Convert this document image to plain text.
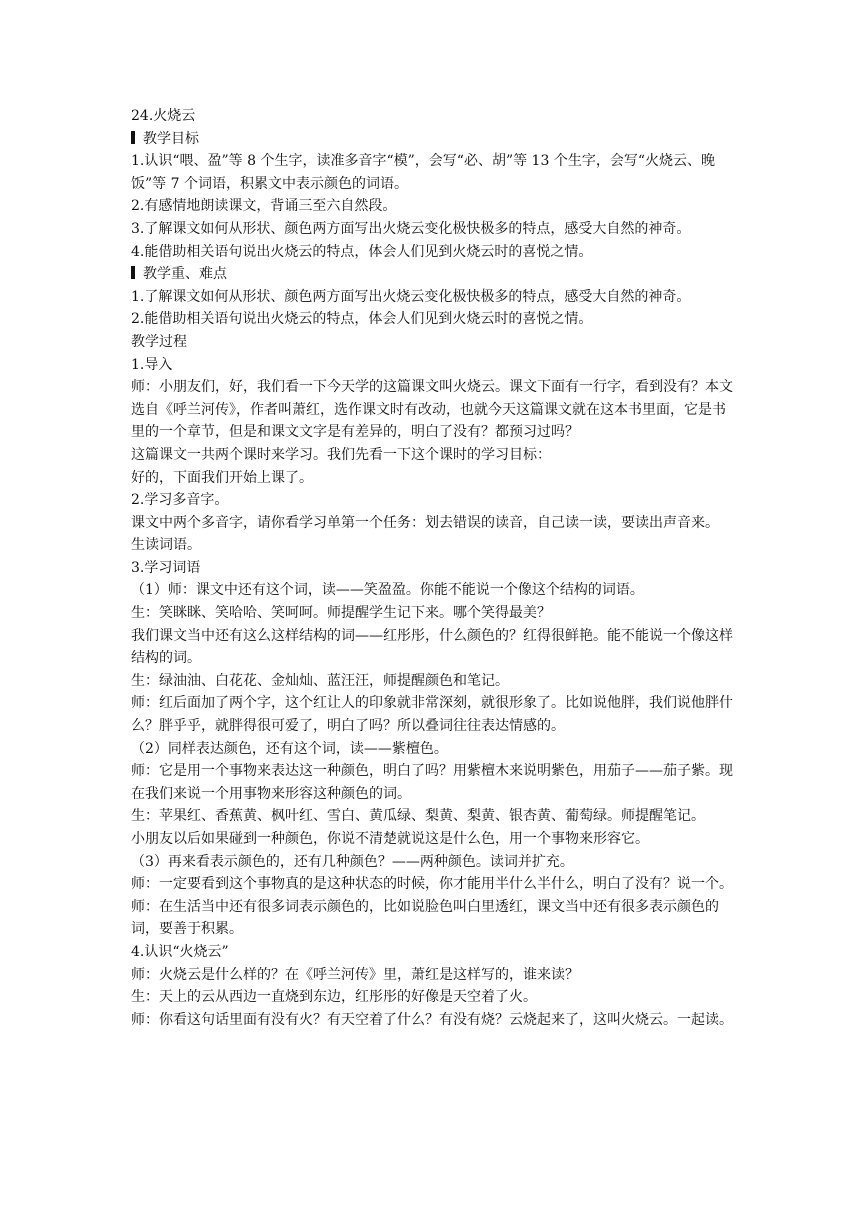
24.火烧云
教学目标
1.认识“喂、盈”等 8 个生字，读准多音字“模”，会写“必、胡”等 13 个生字，会写“火烧云、晚饭”等 7 个词语，积累文中表示颜色的词语。
2.有感情地朗读课文，背诵三至六自然段。
3.了解课文如何从形状、颜色两方面写出火烧云变化极快极多的特点，感受大自然的神奇。
4.能借助相关语句说出火烧云的特点，体会人们见到火烧云时的喜悦之情。
教学重、难点
1.了解课文如何从形状、颜色两方面写出火烧云变化极快极多的特点，感受大自然的神奇。
2.能借助相关语句说出火烧云的特点，体会人们见到火烧云时的喜悦之情。
教学过程
1.导入
师：小朋友们，好，我们看一下今天学的这篇课文叫火烧云。课文下面有一行字，看到没有？本文选自《呼兰河传》，作者叫萧红，选作课文时有改动，也就今天这篇课文就在这本书里面，它是书里的一个章节，但是和课文文字是有差异的，明白了没有？都预习过吗？
这篇课文一共两个课时来学习。我们先看一下这个课时的学习目标：
好的，下面我们开始上课了。
2.学习多音字。
课文中两个多音字，请你看学习单第一个任务：划去错误的读音，自己读一读，要读出声音来。
生读词语。
3.学习词语
（1）师：课文中还有这个词，读——笑盈盈。你能不能说一个像这个结构的词语。
生：笑眯眯、笑哈哈、笑呵呵。师提醒学生记下来。哪个笑得最美？
我们课文当中还有这么这样结构的词——红彤彤，什么颜色的？红得很鲜艳。能不能说一个像这样结构的词。
生：绿油油、白花花、金灿灿、蓝汪汪，师提醒颜色和笔记。
师：红后面加了两个字，这个红让人的印象就非常深刻，就很形象了。比如说他胖，我们说他胖什么？胖乎乎，就胖得很可爱了，明白了吗？所以叠词往往表达情感的。
（2）同样表达颜色，还有这个词，读——紫檀色。
师：它是用一个事物来表达这一种颜色，明白了吗？用紫檀木来说明紫色，用茄子——茄子紫。现在我们来说一个用事物来形容这种颜色的词。
生：苹果红、香蕉黄、枫叶红、雪白、黄瓜绿、梨黄、梨黄、银杏黄、葡萄绿。师提醒笔记。
小朋友以后如果碰到一种颜色，你说不清楚就说这是什么色，用一个事物来形容它。
（3）再来看表示颜色的，还有几种颜色？——两种颜色。读词并扩充。
师：一定要看到这个事物真的是这种状态的时候，你才能用半什么半什么，明白了没有？说一个。
师：在生活当中还有很多词表示颜色的，比如说脸色叫白里透红，课文当中还有很多表示颜色的词，要善于积累。
4.认识“火烧云”
师：火烧云是什么样的？在《呼兰河传》里，萧红是这样写的，谁来读？
生：天上的云从西边一直烧到东边，红彤彤的好像是天空着了火。
师：你看这句话里面有没有火？有天空着了什么？有没有烧？云烧起来了，这叫火烧云。一起读。
